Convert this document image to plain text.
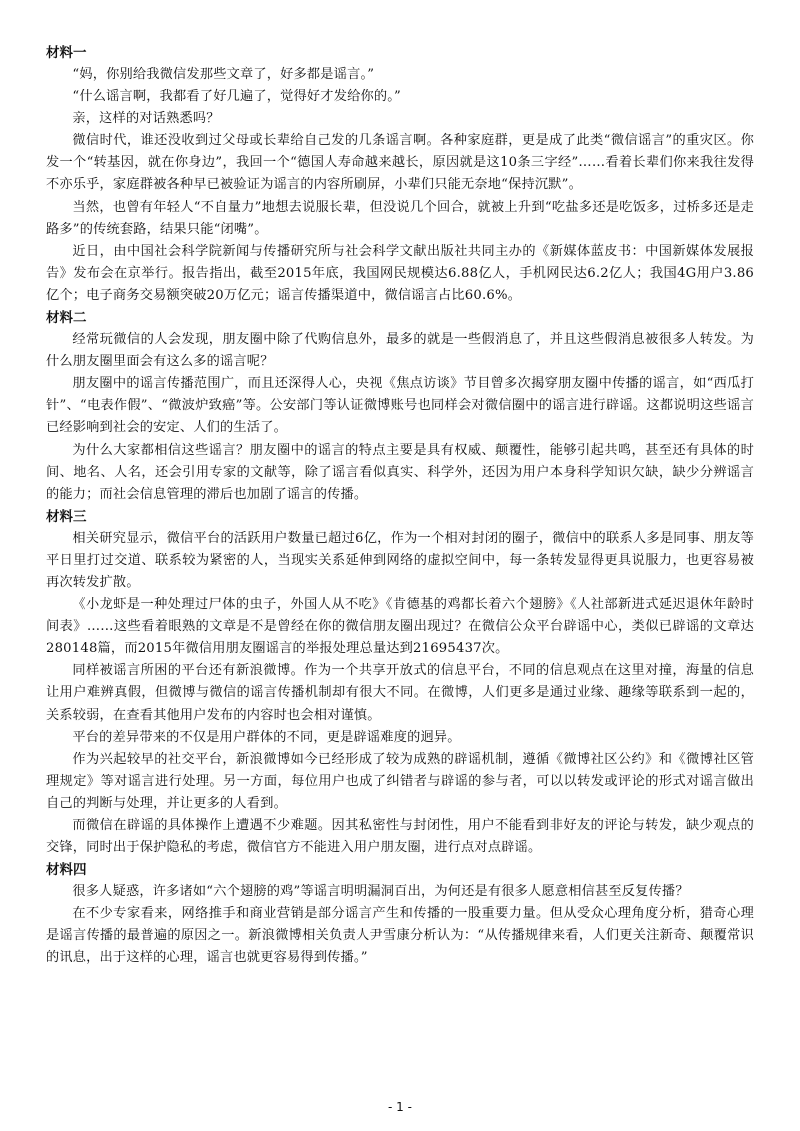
材料一

“妈，你别给我微信发那些文章了，好多都是谣言。”

“什么谣言啊，我都看了好几遍了，觉得好才发给你的。”

亲，这样的对话熟悉吗？

微信时代，谁还没收到过父母或长辈给自己发的几条谣言啊。各种家庭群，更是成了此类“微信谣言”的重灾区。你发一个“转基因，就在你身边”，我回一个“德国人寿命越来越长，原因就是这10条三字经”……看着长辈们你来我往发得不亦乐乎，家庭群被各种早已被验证为谣言的内容所刷屏，小辈们只能无奈地“保持沉默”。

当然，也曾有年轻人“不自量力”地想去说服长辈，但没说几个回合，就被上升到“吃盐多还是吃饭多，过桥多还是走路多”的传统套路，结果只能“闭嘴”。

近日，由中国社会科学院新闻与传播研究所与社会科学文献出版社共同主办的《新媒体蓝皮书：中国新媒体发展报告》发布会在京举行。报告指出，截至2015年底，我国网民规模达6.88亿人，手机网民达6.2亿人；我国4G用户3.86亿个；电子商务交易额突破20万亿元；谣言传播渠道中，微信谣言占比60.6%。

材料二

经常玩微信的人会发现，朋友圈中除了代购信息外，最多的就是一些假消息了，并且这些假消息被很多人转发。为什么朋友圈里面会有这么多的谣言呢？

朋友圈中的谣言传播范围广，而且还深得人心，央视《焦点访谈》节目曾多次揭穿朋友圈中传播的谣言，如“西瓜打针”、“电表作假”、“微波炉致癌”等。公安部门等认证微博账号也同样会对微信圈中的谣言进行辟谣。这都说明这些谣言已经影响到社会的安定、人们的生活了。

为什么大家都相信这些谣言？朋友圈中的谣言的特点主要是具有权威、颠覆性，能够引起共鸣，甚至还有具体的时间、地名、人名，还会引用专家的文献等，除了谣言看似真实、科学外，还因为用户本身科学知识欠缺，缺少分辨谣言的能力；而社会信息管理的滞后也加剧了谣言的传播。

材料三

相关研究显示，微信平台的活跃用户数量已超过6亿，作为一个相对封闭的圈子，微信中的联系人多是同事、朋友等平日里打过交道、联系较为紧密的人，当现实关系延伸到网络的虚拟空间中，每一条转发显得更具说服力，也更容易被再次转发扩散。

《小龙虾是一种处理过尸体的虫子，外国人从不吃》《肯德基的鸡都长着六个翅膀》《人社部新进式延迟退休年龄时间表》……这些看着眼熟的文章是不是曾经在你的微信朋友圈出现过？在微信公众平台辟谣中心，类似已辟谣的文章达280148篇，而2015年微信用朋友圈谣言的举报处理总量达到21695437次。

同样被谣言所困的平台还有新浪微博。作为一个共享开放式的信息平台，不同的信息观点在这里对撞，海量的信息让用户难辨真假，但微博与微信的谣言传播机制却有很大不同。在微博，人们更多是通过业缘、趣缘等联系到一起的，关系较弱，在查看其他用户发布的内容时也会相对谨慎。

平台的差异带来的不仅是用户群体的不同，更是辟谣难度的迥异。

作为兴起较早的社交平台，新浪微博如今已经形成了较为成熟的辟谣机制，遵循《微博社区公约》和《微博社区管理规定》等对谣言进行处理。另一方面，每位用户也成了纠错者与辟谣的参与者，可以以转发或评论的形式对谣言做出自己的判断与处理，并让更多的人看到。

而微信在辟谣的具体操作上遭遇不少难题。因其私密性与封闭性，用户不能看到非好友的评论与转发，缺少观点的交锋，同时出于保护隐私的考虑，微信官方不能进入用户朋友圈，进行点对点辟谣。

材料四

很多人疑惑，许多诸如“六个翅膀的鸡”等谣言明明漏洞百出，为何还是有很多人愿意相信甚至反复传播？

在不少专家看来，网络推手和商业营销是部分谣言产生和传播的一股重要力量。但从受众心理角度分析，猎奇心理是谣言传播的最普遍的原因之一。新浪微博相关负责人尹雪康分析认为：“从传播规律来看，人们更关注新奇、颠覆常识的讯息，出于这样的心理，谣言也就更容易得到传播。”

- 1 -
